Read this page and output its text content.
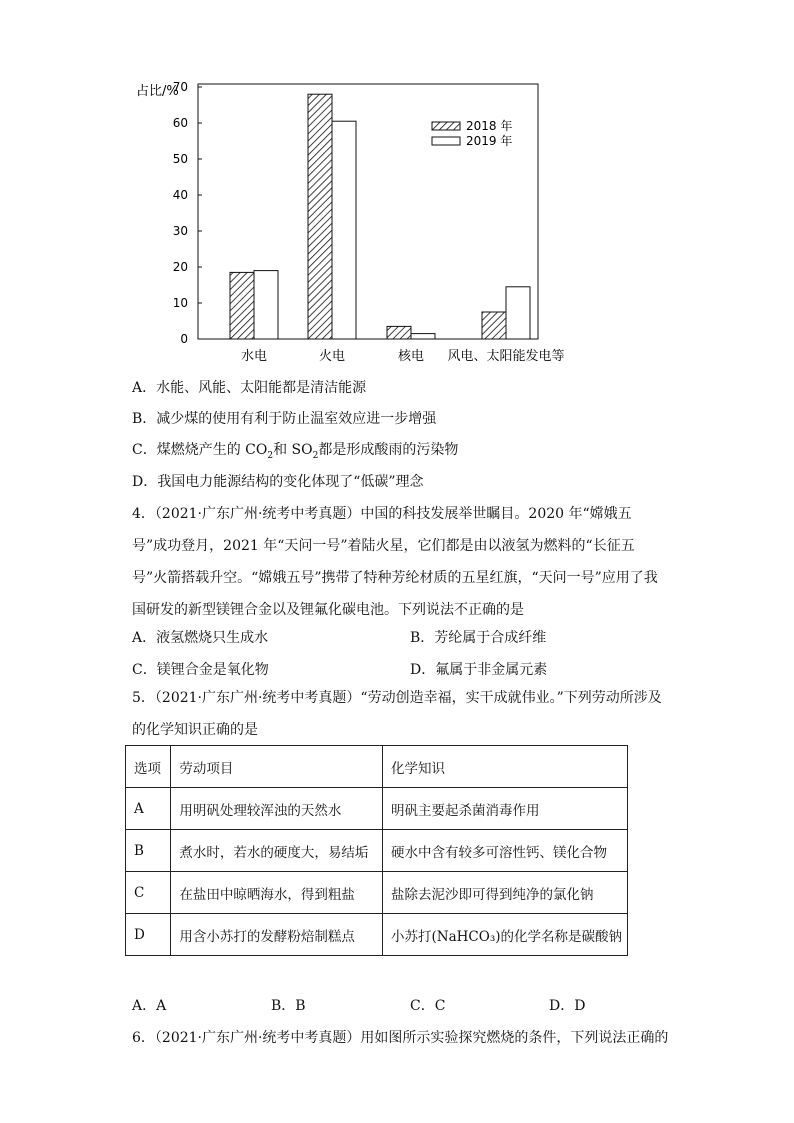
占比/%
0
10
20
30
40
50
60
70
水电	火电	核电 风电、太阳能发电等
2018 年
2019 年
A．水能、风能、太阳能都是清洁能源
B．减少煤的使用有利于防止温室效应进一步增强
C．煤燃烧产生的 $CO_2$和 $SO_2$都是形成酸雨的污染物
D．我国电力能源结构的变化体现了“低碳”理念
4．（2021·广东广州·统考中考真题）中国的科技发展举世瞩目。2020 年“嫦娥五号”成功登月，2021 年“天问一号”着陆火星，它们都是由以液氢为燃料的“长征五号”火箭搭载升空。“嫦娥五号”携带了特种芳纶材质的五星红旗，“天问一号”应用了我国研发的新型镁锂合金以及锂氟化碳电池。下列说法不正确的是
A．液氢燃烧只生成水	B．芳纶属于合成纤维
C．镁锂合金是氧化物	D．氟属于非金属元素
5．（2021·广东广州·统考中考真题）“劳动创造幸福，实干成就伟业。”下列劳动所涉及的化学知识正确的是
选项	劳动项目	化学知识
A	用明矾处理较浑浊的天然水	明矾主要起杀菌消毒作用
B	煮水时，若水的硬度大，易结垢	硬水中含有较多可溶性钙、镁化合物
C	在盐田中晾晒海水，得到粗盐	盐除去泥沙即可得到纯净的氯化钠
D	用含小苏打的发酵粉焙制糕点	小苏打(NaHCO₃)的化学名称是碳酸钠
A．A	B．B	C．C	D．D
6．（2021·广东广州·统考中考真题）用如图所示实验探究燃烧的条件，下列说法正确的
